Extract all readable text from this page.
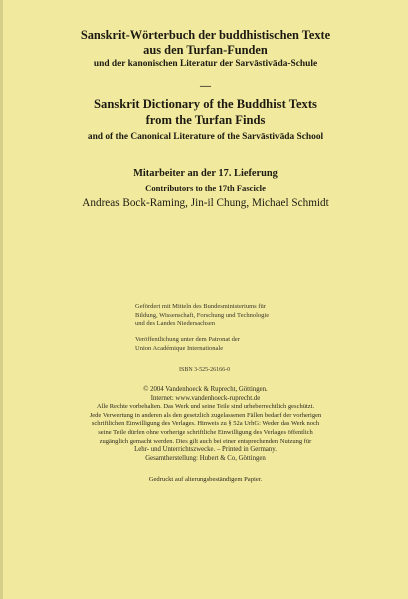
Sanskrit-Wörterbuch der buddhistischen Texte
aus den Turfan-Funden
und der kanonischen Literatur der Sarvāstivāda-Schule
—
Sanskrit Dictionary of the Buddhist Texts
from the Turfan Finds
and of the Canonical Literature of the Sarvāstivāda School
Mitarbeiter an der 17. Lieferung
Contributors to the 17th Fascicle
Andreas Bock-Raming, Jin-il Chung, Michael Schmidt
Gefördert mit Mitteln des Bundesministeriums für
Bildung, Wissenschaft, Forschung und Technologie
und des Landes Niedersachsen
Veröffentlichung unter dem Patronat der
Union Académique Internationale
ISBN 3-525-26166-0
© 2004 Vandenhoeck & Ruprecht, Göttingen.
Internet: www.vandenhoeck-ruprecht.de
Alle Rechte vorbehalten. Das Werk und seine Teile sind urheberrechtlich geschützt.
Jede Verwertung in anderen als den gesetzlich zugelassenen Fällen bedarf der vorherigen
schriftlichen Einwilligung des Verlages. Hinweis zu § 52a UrhG: Weder das Werk noch
seine Teile dürfen ohne vorherige schriftliche Einwilligung des Verlages öffentlich
zugänglich gemacht werden. Dies gilt auch bei einer entsprechenden Nutzung für
Lehr- und Unterrichtszwecke. – Printed in Germany.
Gesamtherstellung: Hubert & Co, Göttingen
Gedruckt auf alterungsbeständigem Papier.
